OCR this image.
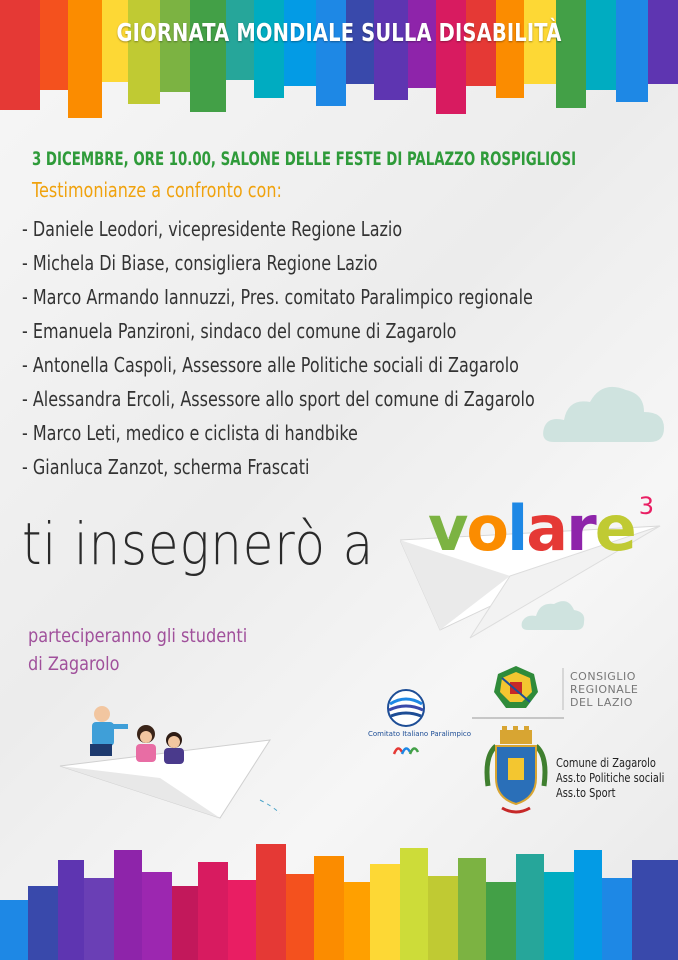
GIORNATA MONDIALE SULLA DISABILITÀ
3 DICEMBRE, ORE 10.00, SALONE DELLE FESTE DI PALAZZO ROSPIGLIOSI
Testimonianze a confronto con:
- Daniele Leodori, vicepresidente Regione Lazio
- Michela Di Biase, consigliera Regione Lazio
- Marco Armando Iannuzzi, Pres. comitato Paralimpico regionale
- Emanuela Panzironi, sindaco del comune di Zagarolo
- Antonella Caspoli, Assessore alle Politiche sociali di Zagarolo
- Alessandra Ercoli, Assessore allo sport del comune di Zagarolo
- Marco Leti, medico e ciclista di handbike
- Gianluca Zanzot, scherma Frascati
ti insegnerò a volare $^3$
parteciperanno gli studenti
di Zagarolo
Comitato Italiano Paralimpico
CONSIGLIO
REGIONALE
DEL LAZIO
Comune di Zagarolo
Ass.to Politiche sociali
Ass.to Sport
